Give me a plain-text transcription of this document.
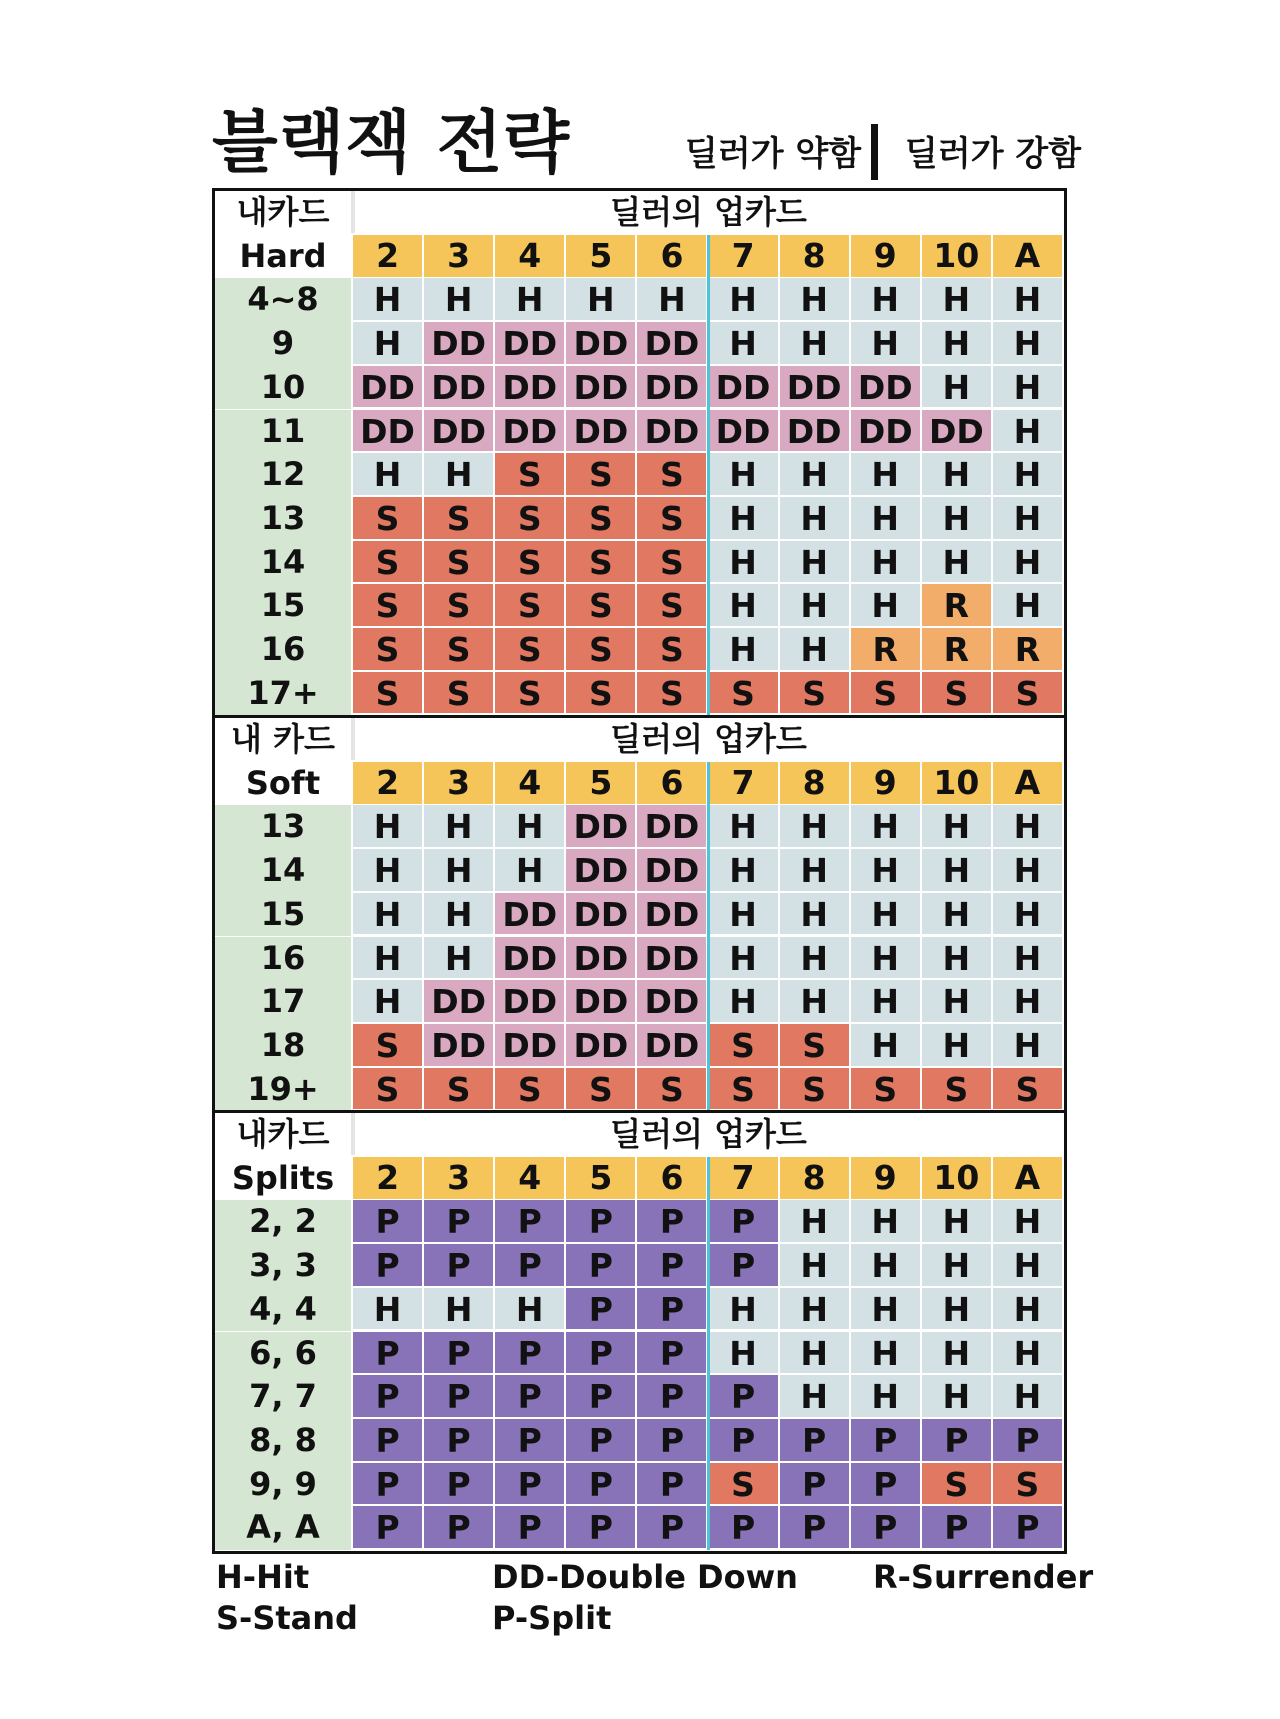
블랙잭 전략	딜러가 약함 딜러가 강함
내카드	딜러의 업카드
Hard	2	3	4	5	6	7	8	9	10	A
4~8	H	H	H	H	H	H	H	H	H	H
9	H DD DD DD DD H	H	H	H	H
10	DD DD DD DD DD DD DD DD H	H
11	DD DD DD DD DD DD DD DD DD H
12	H	H	S	S	S	H	H	H	H	H
13	S	S	S	S	S	H	H	H	H	H
14	S	S	S	S	S	H	H	H	H	H
15	S	S	S	S	S	H	H	H	R	H
16	S	S	S	S	S	H	H	R	R	R
17+	S	S	S	S	S	S	S	S	S	S
내 카드	딜러의 업카드
Soft	2	3	4	5	6	7	8	9	10	A
13	H	H	H DD DD H	H	H	H	H
14	H	H	H DD DD H	H	H	H	H
15	H	H DD DD DD H	H	H	H	H
16	H	H DD DD DD H	H	H	H	H
17	H DD DD DD DD H	H	H	H	H
18	S DD DD DD DD S	S	H	H	H
19+	S	S	S	S	S	S	S	S	S	S
내카드	딜러의 업카드
Splits	2	3	4	5	6	7	8	9	10	A
2, 2	P	P	P	P	P	P	H	H	H	H
3, 3	P	P	P	P	P	P	H	H	H	H
4, 4	H	H	H	P	P	H	H	H	H	H
6, 6	P	P	P	P	P	H	H	H	H	H
7, 7	P	P	P	P	P	P	H	H	H	H
8, 8	P	P	P	P	P	P	P	P	P	P
9, 9	P	P	P	P	P	S	P	P	S	S
A, A	P	P	P	P	P	P	P	P	P	P
H-Hit
S-Stand
DD-Double Down
P-Split
R-Surrender
